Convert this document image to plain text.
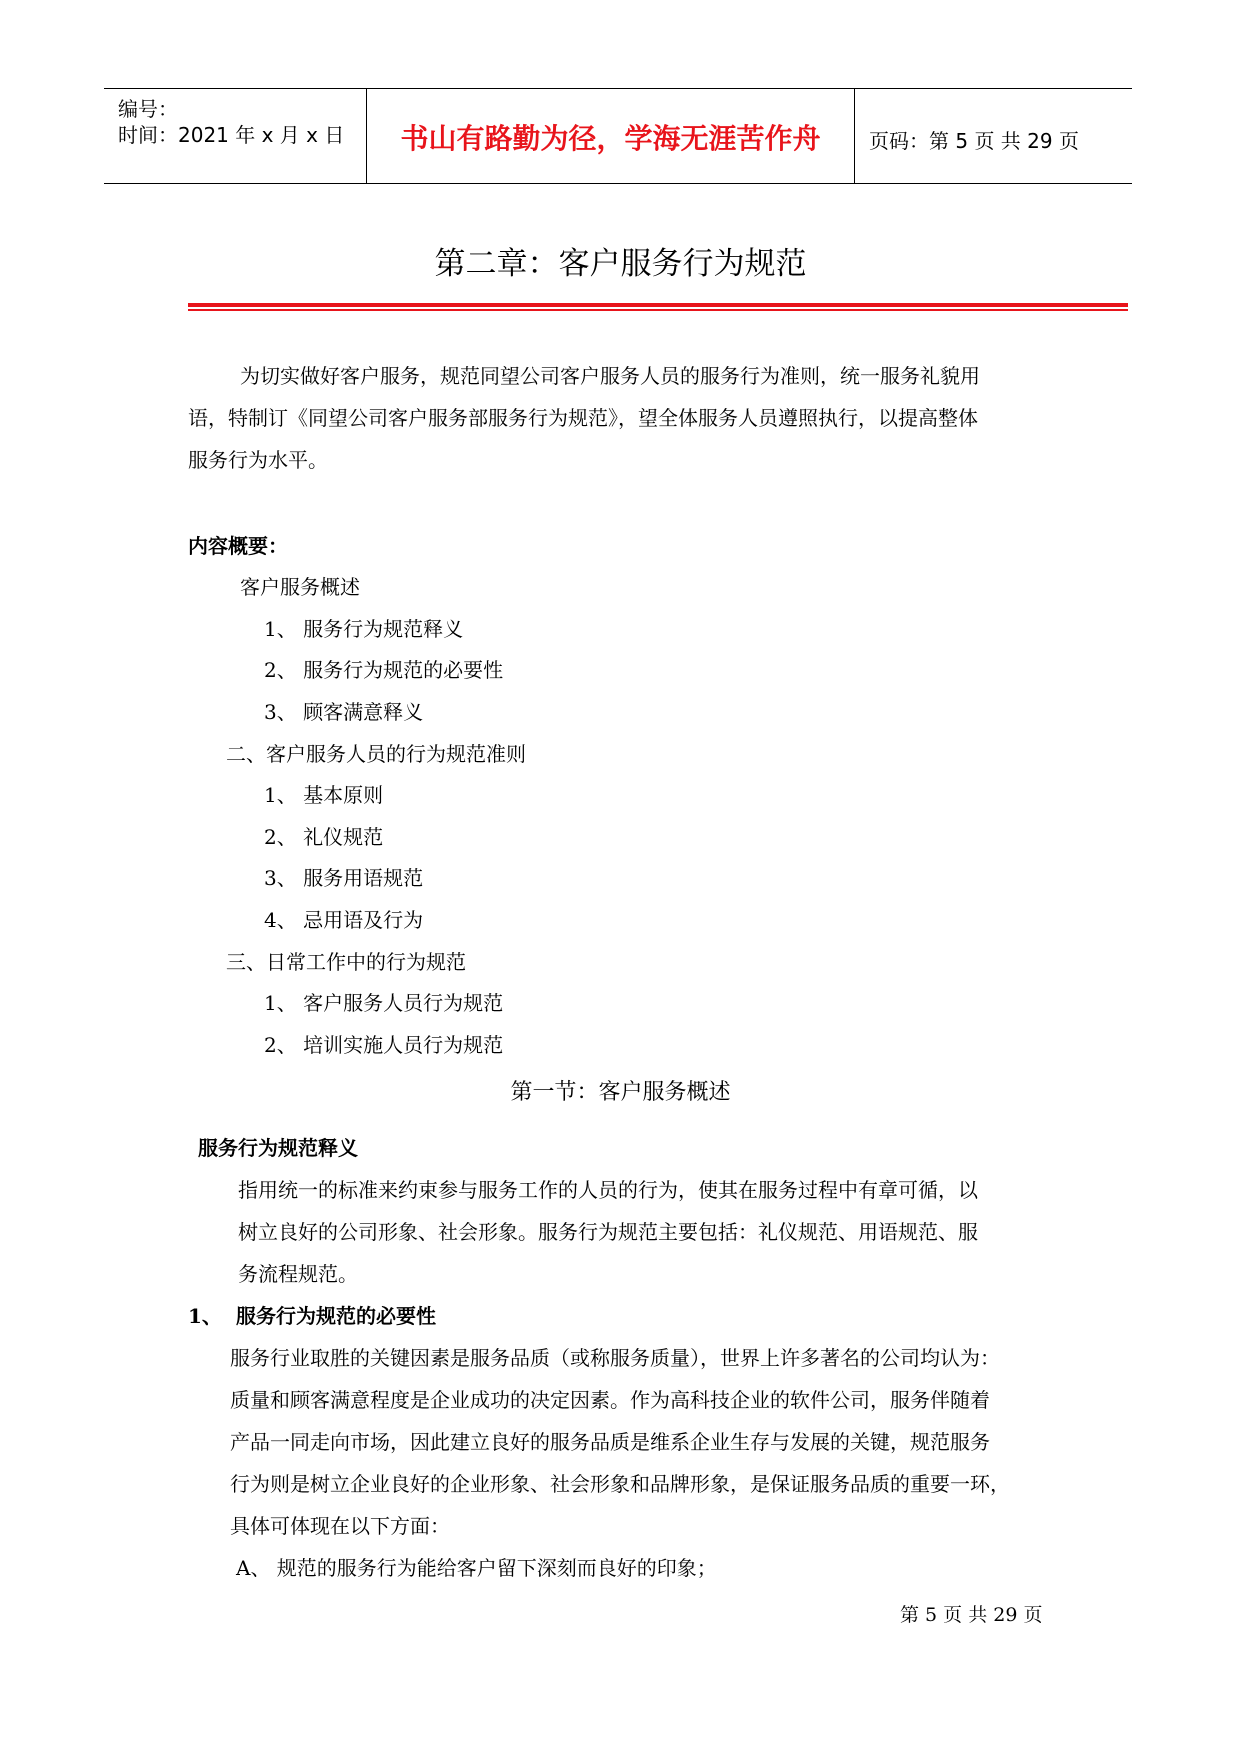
编号：
时间：2021 年 x 月 x 日	书山有路勤为径，学海无涯苦作舟	页码：第 5 页 共 29 页
第二章：客户服务行为规范
为切实做好客户服务，规范同望公司客户服务人员的服务行为准则，统一服务礼貌用
语，特制订《同望公司客户服务部服务行为规范》，望全体服务人员遵照执行，以提高整体
服务行为水平。
内容概要：
客户服务概述
1、 服务行为规范释义
2、 服务行为规范的必要性
3、 顾客满意释义
二、客户服务人员的行为规范准则
1、 基本原则
2、 礼仪规范
3、 服务用语规范
4、 忌用语及行为
三、日常工作中的行为规范
1、 客户服务人员行为规范
2、 培训实施人员行为规范
第一节：客户服务概述
服务行为规范释义
指用统一的标准来约束参与服务工作的人员的行为，使其在服务过程中有章可循，以
树立良好的公司形象、社会形象。服务行为规范主要包括：礼仪规范、用语规范、服
务流程规范。
1、 服务行为规范的必要性
服务行业取胜的关键因素是服务品质（或称服务质量），世界上许多著名的公司均认为：
质量和顾客满意程度是企业成功的决定因素。作为高科技企业的软件公司，服务伴随着
产品一同走向市场，因此建立良好的服务品质是维系企业生存与发展的关键，规范服务
行为则是树立企业良好的企业形象、社会形象和品牌形象，是保证服务品质的重要一环，
具体可体现在以下方面：
A、 规范的服务行为能给客户留下深刻而良好的印象；
第 5 页 共 29 页
